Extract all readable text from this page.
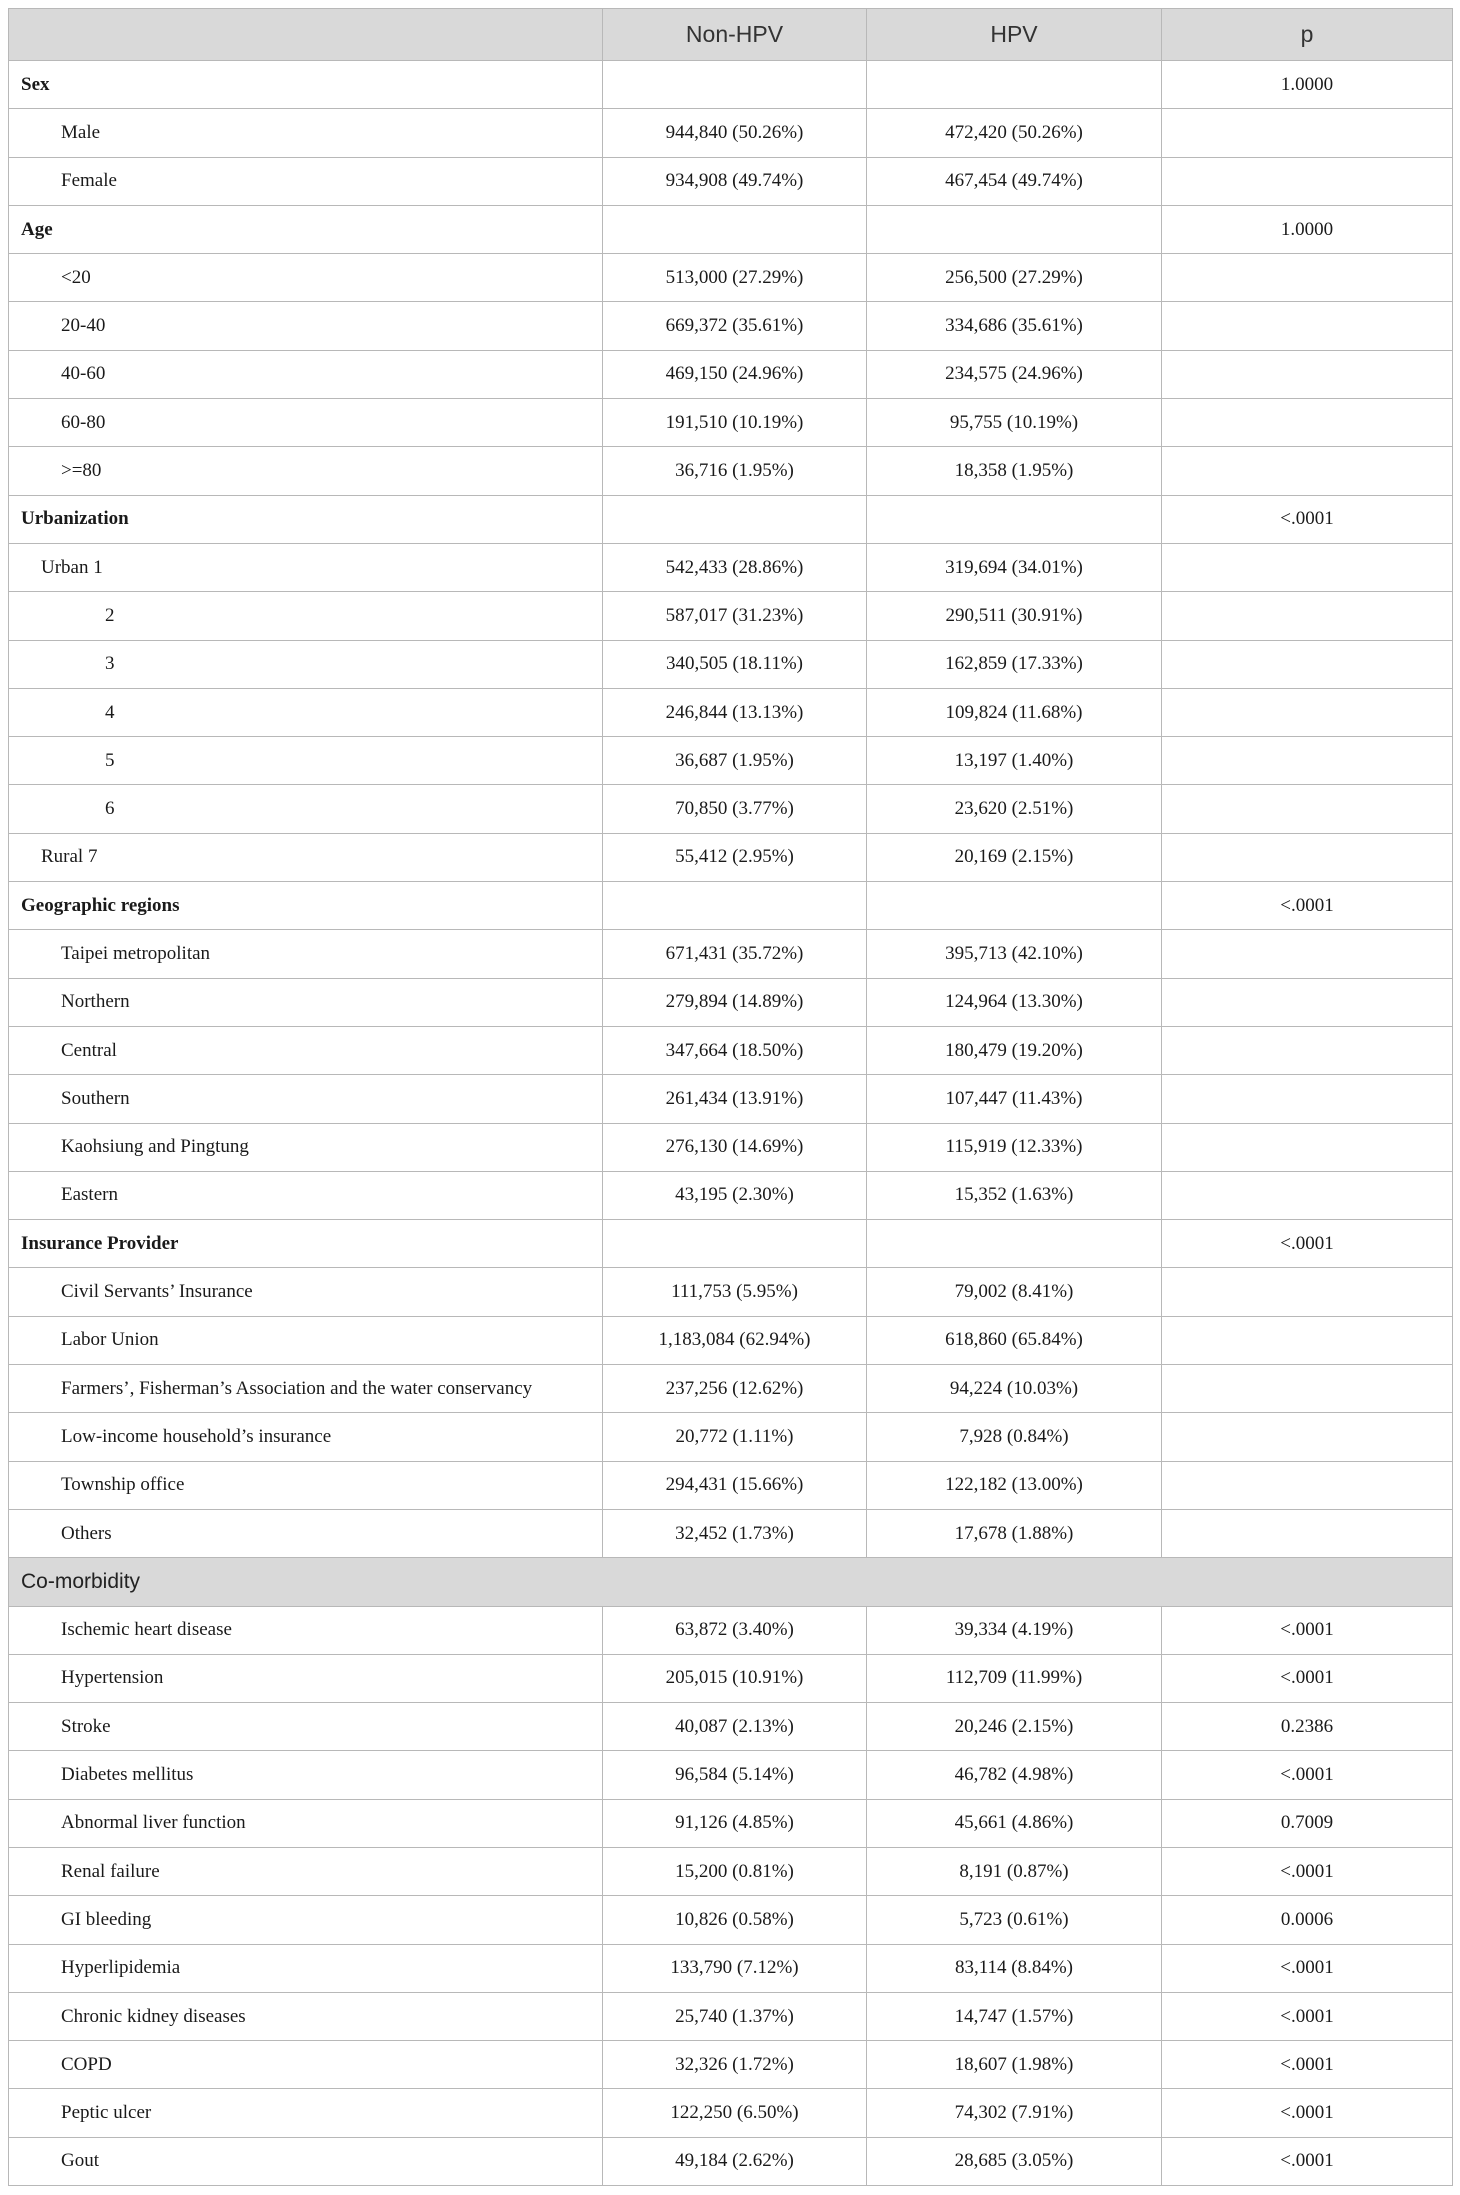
	Non-HPV	HPV	p
Sex			1.0000
Male	944,840 (50.26%)	472,420 (50.26%)	
Female	934,908 (49.74%)	467,454 (49.74%)	
Age			1.0000
<20	513,000 (27.29%)	256,500 (27.29%)	
20-40	669,372 (35.61%)	334,686 (35.61%)	
40-60	469,150 (24.96%)	234,575 (24.96%)	
60-80	191,510 (10.19%)	95,755 (10.19%)	
>=80	36,716 (1.95%)	18,358 (1.95%)	
Urbanization			<.0001
Urban 1	542,433 (28.86%)	319,694 (34.01%)	
2	587,017 (31.23%)	290,511 (30.91%)	
3	340,505 (18.11%)	162,859 (17.33%)	
4	246,844 (13.13%)	109,824 (11.68%)	
5	36,687 (1.95%)	13,197 (1.40%)	
6	70,850 (3.77%)	23,620 (2.51%)	
Rural 7	55,412 (2.95%)	20,169 (2.15%)	
Geographic regions			<.0001
Taipei metropolitan	671,431 (35.72%)	395,713 (42.10%)	
Northern	279,894 (14.89%)	124,964 (13.30%)	
Central	347,664 (18.50%)	180,479 (19.20%)	
Southern	261,434 (13.91%)	107,447 (11.43%)	
Kaohsiung and Pingtung	276,130 (14.69%)	115,919 (12.33%)	
Eastern	43,195 (2.30%)	15,352 (1.63%)	
Insurance Provider			<.0001
Civil Servants’ Insurance	111,753 (5.95%)	79,002 (8.41%)	
Labor Union	1,183,084 (62.94%)	618,860 (65.84%)	
Farmers’, Fisherman’s Association and the water conservancy	237,256 (12.62%)	94,224 (10.03%)	
Low-income household’s insurance	20,772 (1.11%)	7,928 (0.84%)	
Township office	294,431 (15.66%)	122,182 (13.00%)	
Others	32,452 (1.73%)	17,678 (1.88%)	
Co-morbidity			
Ischemic heart disease	63,872 (3.40%)	39,334 (4.19%)	<.0001
Hypertension	205,015 (10.91%)	112,709 (11.99%)	<.0001
Stroke	40,087 (2.13%)	20,246 (2.15%)	0.2386
Diabetes mellitus	96,584 (5.14%)	46,782 (4.98%)	<.0001
Abnormal liver function	91,126 (4.85%)	45,661 (4.86%)	0.7009
Renal failure	15,200 (0.81%)	8,191 (0.87%)	<.0001
GI bleeding	10,826 (0.58%)	5,723 (0.61%)	0.0006
Hyperlipidemia	133,790 (7.12%)	83,114 (8.84%)	<.0001
Chronic kidney diseases	25,740 (1.37%)	14,747 (1.57%)	<.0001
COPD	32,326 (1.72%)	18,607 (1.98%)	<.0001
Peptic ulcer	122,250 (6.50%)	74,302 (7.91%)	<.0001
Gout	49,184 (2.62%)	28,685 (3.05%)	<.0001
